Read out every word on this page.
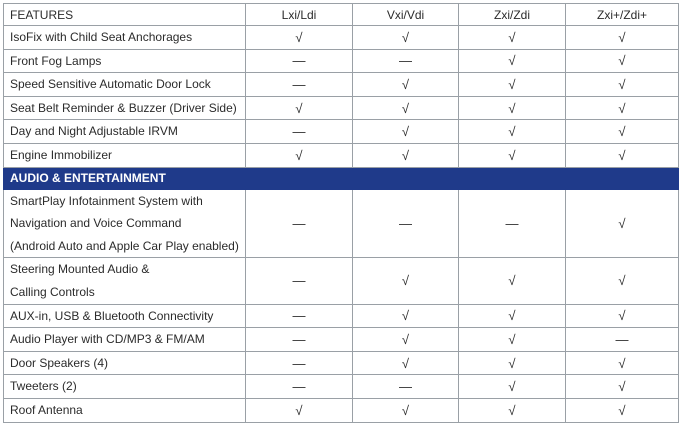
FEATURES	Lxi/Ldi	Vxi/Vdi	Zxi/Zdi	Zxi+/Zdi+

IsoFix with Child Seat Anchorages	√	√	√	√

Front Fog Lamps	—	—	√	√

Speed Sensitive Automatic Door Lock	—	√	√	√

Seat Belt Reminder & Buzzer (Driver Side)	√	√	√	√

Day and Night Adjustable IRVM	—	√	√	√

Engine Immobilizer	√	√	√	√
AUDIO & ENTERTAINMENT				

SmartPlay Infotainment System with
Navigation and Voice Command
(Android Auto and Apple Car Play enabled)	—	—	—	√

Steering Mounted Audio &
Calling Controls	—	√	√	√

AUX-in, USB & Bluetooth Connectivity	—	√	√	√

Audio Player with CD/MP3 & FM/AM	—	√	√	—

Door Speakers (4)	—	√	√	√

Tweeters (2)	—	—	√	√

Roof Antenna	√	√	√	√
